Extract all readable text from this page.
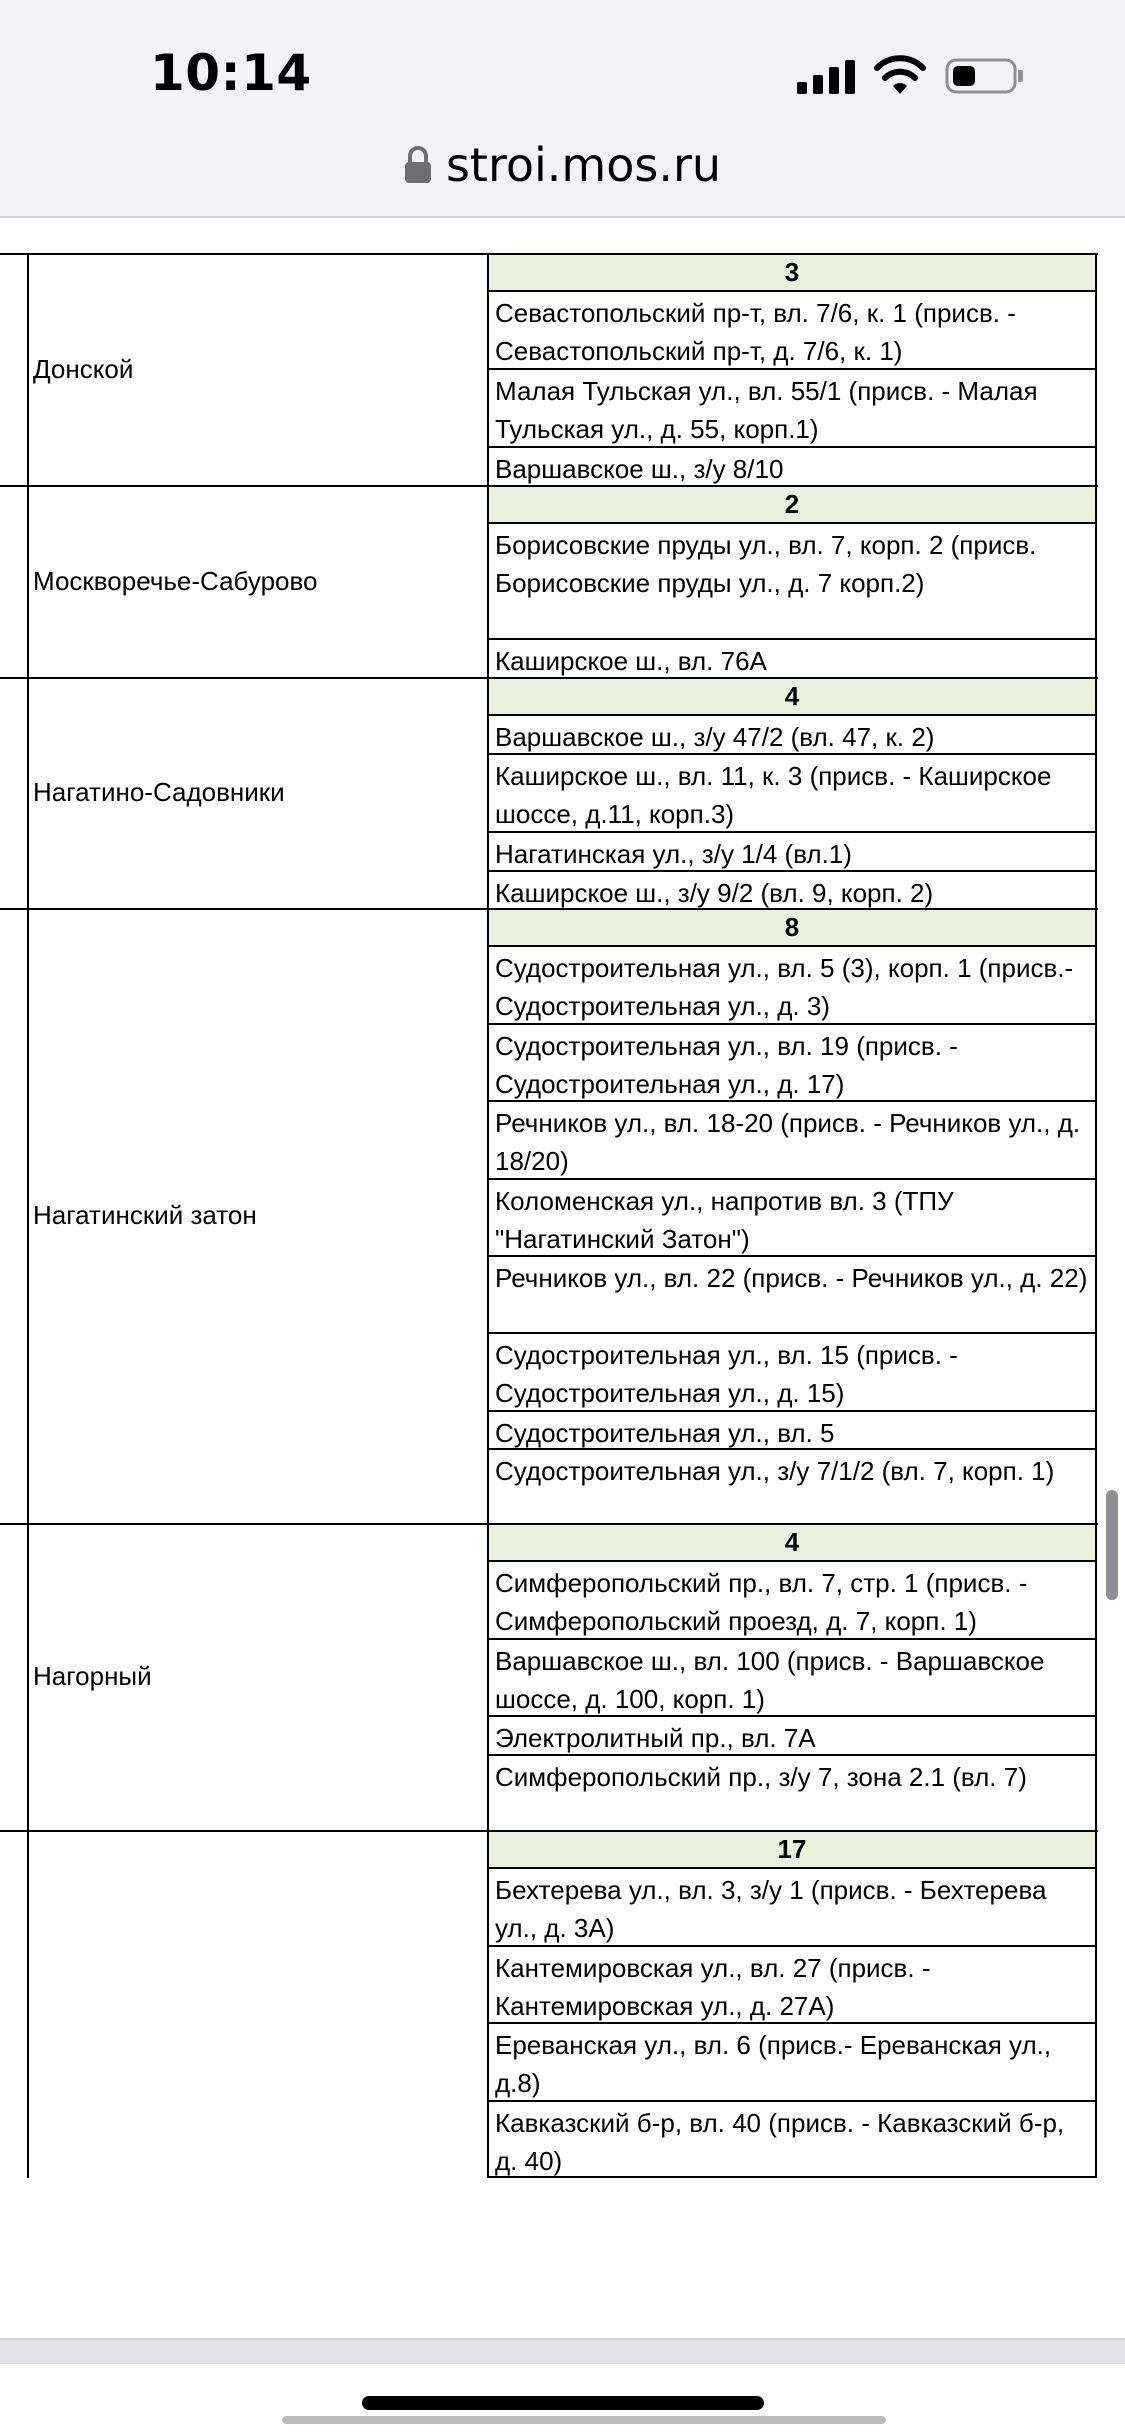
10:14
stroi.mos.ru
Донской
3
Севастопольский пр-т, вл. 7/6, к. 1 (присв. - Севастопольский пр-т, д. 7/6, к. 1)
Малая Тульская ул., вл. 55/1 (присв. - Малая Тульская ул., д. 55, корп.1)
Варшавское ш., з/у 8/10
Москворечье-Сабурово
2
Борисовские пруды ул., вл. 7, корп. 2 (присв. Борисовские пруды ул., д. 7 корп.2)
Каширское ш., вл. 76А
Нагатино-Садовники
4
Варшавское ш., з/у 47/2 (вл. 47, к. 2)
Каширское ш., вл. 11, к. 3 (присв. - Каширское шоссе, д.11, корп.3)
Нагатинская ул., з/у 1/4 (вл.1)
Каширское ш., з/у 9/2 (вл. 9, корп. 2)
Нагатинский затон
8
Судостроительная ул., вл. 5 (3), корп. 1 (присв.- Судостроительная ул., д. 3)
Судостроительная ул., вл. 19 (присв. - Судостроительная ул., д. 17)
Речников ул., вл. 18-20 (присв. - Речников ул., д. 18/20)
Коломенская ул., напротив вл. 3 (ТПУ "Нагатинский Затон")
Речников ул., вл. 22 (присв. - Речников ул., д. 22)
Судостроительная ул., вл. 15 (присв. - Судостроительная ул., д. 15)
Судостроительная ул., вл. 5
Судостроительная ул., з/у 7/1/2 (вл. 7, корп. 1)
Нагорный
4
Симферопольский пр., вл. 7, стр. 1 (присв. - Симферопольский проезд, д. 7, корп. 1)
Варшавское ш., вл. 100 (присв. - Варшавское шоссе, д. 100, корп. 1)
Электролитный пр., вл. 7А
Симферопольский пр., з/у 7, зона 2.1 (вл. 7)
17
Бехтерева ул., вл. 3, з/у 1 (присв. - Бехтерева ул., д. 3А)
Кантемировская ул., вл. 27 (присв. - Кантемировская ул., д. 27А)
Ереванская ул., вл. 6 (присв.- Ереванская ул., д.8)
Кавказский б-р, вл. 40 (присв. - Кавказский б-р, д. 40)
